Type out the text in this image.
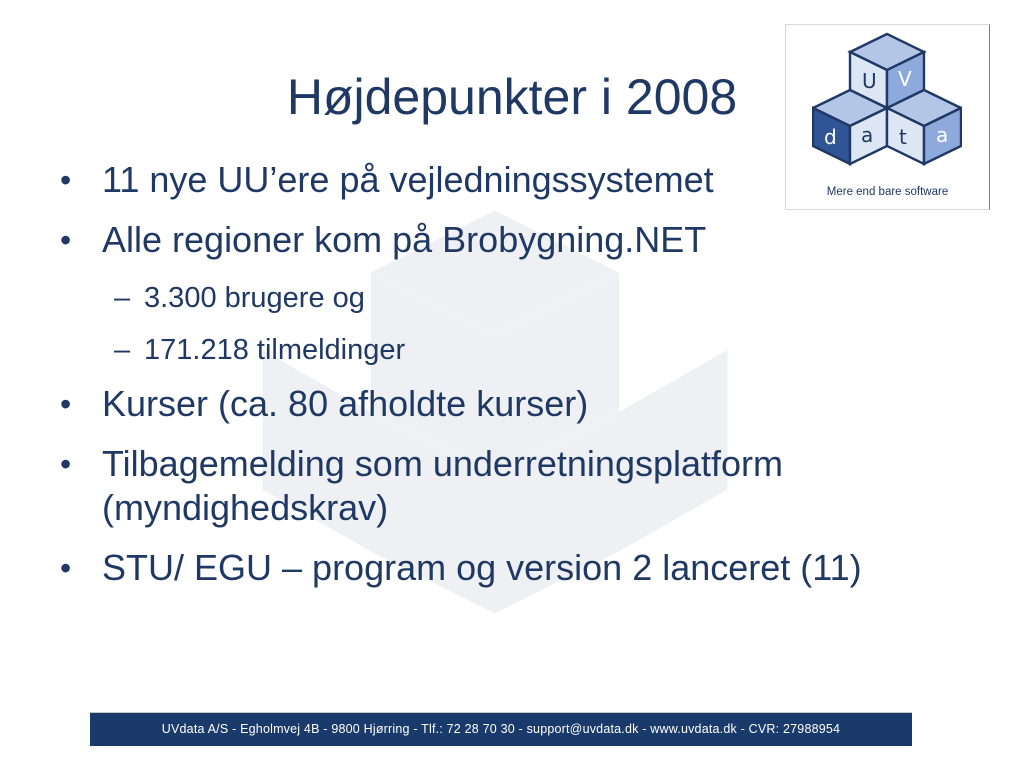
Højdepunkter i 2008	U V
d a t a
Mere end bare software
• 11 nye UU’ere på vejledningssystemet
• Alle regioner kom på Brobygning.NET
– 3.300 brugere og
– 171.218 tilmeldinger
• Kurser (ca. 80 afholdte kurser)
• Tilbagemelding som underretningsplatform (myndighedskrav)
• STU/ EGU – program og version 2 lanceret (11)
UVdata A/S - Egholmvej 4B - 9800 Hjørring - Tlf.: 72 28 70 30 - support@uvdata.dk - www.uvdata.dk - CVR: 27988954
